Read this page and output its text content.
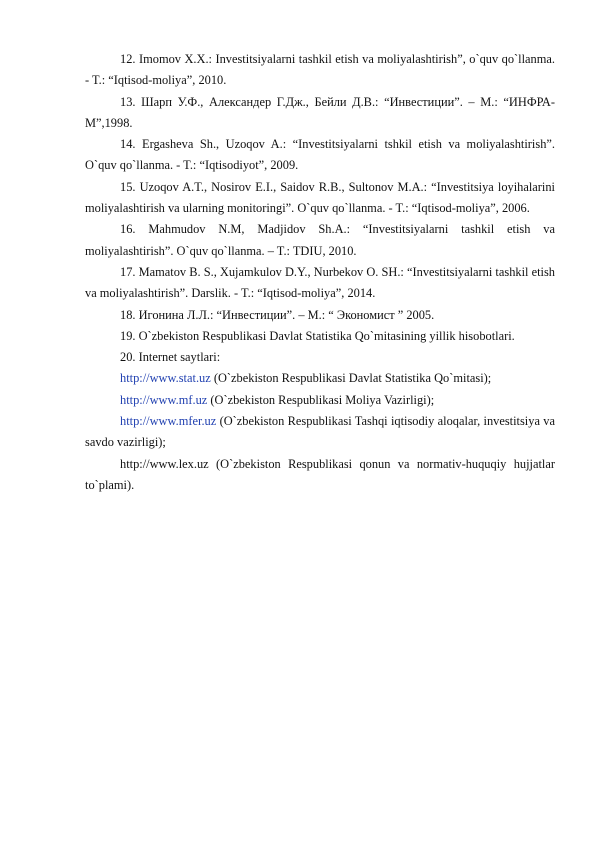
12. Imomov X.X.: Investitsiyalarni tashkil etish va moliyalashtirish”, o`quv qo`llanma. - T.: “Iqtisod-moliya”, 2010.

13. Шарп У.Ф., Александер Г.Дж., Бейли Д.В.: “Инвестиции”. – М.: “ИНФРА-М”,1998.

14. Ergasheva Sh., Uzoqov A.: “Investitsiyalarni tshkil etish va moliyalashtirish”. O`quv qo`llanma. - T.: “Iqtisodiyot”, 2009.

15. Uzoqov A.T., Nosirov E.I., Saidov R.B., Sultonov M.A.: “Investitsiya loyihalarini moliyalashtirish va ularning monitoringi”. O`quv qo`llanma. - T.: “Iqtisod-moliya”, 2006.

16. Mahmudov N.M, Madjidov Sh.A.: “Investitsiyalarni tashkil etish va moliyalashtirish”. O`quv qo`llanma. – T.: TDIU, 2010.

17. Mamatov B. S., Xujamkulov D.Y., Nurbekov O. SH.: “Investitsiyalarni tashkil etish va moliyalashtirish”. Darslik. - T.: “Iqtisod-moliya”, 2014.

18. Игонина Л.Л.: “Инвестиции”. – М.: “ Экономист ” 2005.

19. O`zbekiston Respublikasi Davlat Statistika Qo`mitasining yillik hisobotlari.

20. Internet saytlari:

http://www.stat.uz (O`zbekiston Respublikasi Davlat Statistika Qo`mitasi);

http://www.mf.uz (O`zbekiston Respublikasi Moliya Vazirligi);

http://www.mfer.uz (O`zbekiston Respublikasi Tashqi iqtisodiy aloqalar, investitsiya va savdo vazirligi);

http://www.lex.uz (O`zbekiston Respublikasi qonun va normativ-huquqiy hujjatlar to`plami).
